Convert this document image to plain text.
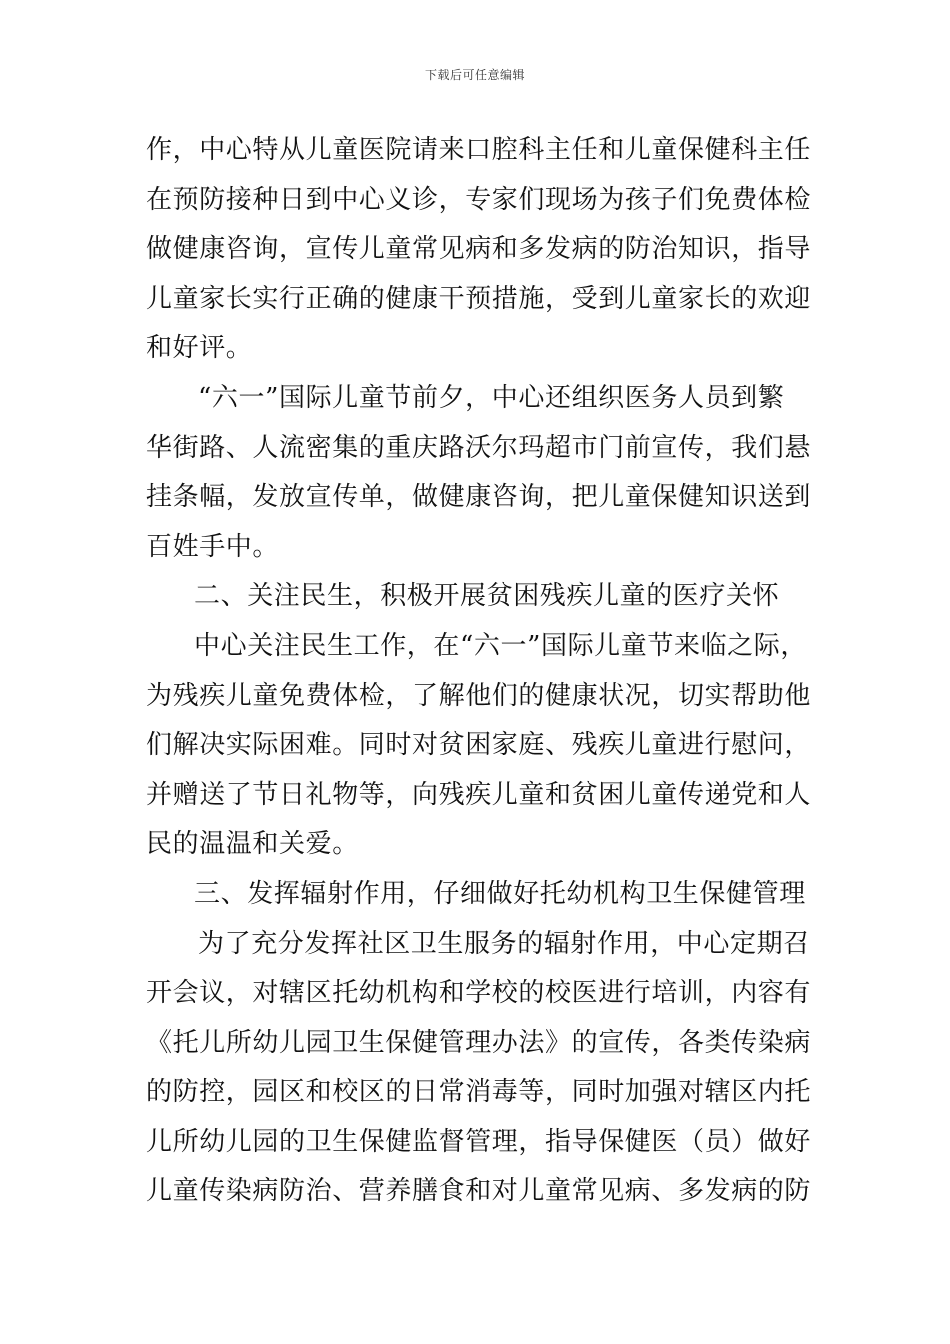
下载后可任意编辑
作，中心特从儿童医院请来口腔科主任和儿童保健科主任
在预防接种日到中心义诊，专家们现场为孩子们免费体检
做健康咨询，宣传儿童常见病和多发病的防治知识，指导
儿童家长实行正确的健康干预措施，受到儿童家长的欢迎
和好评。
“六一”国际儿童节前夕，中心还组织医务人员到繁
华街路、人流密集的重庆路沃尔玛超市门前宣传，我们悬
挂条幅，发放宣传单，做健康咨询，把儿童保健知识送到
百姓手中。
二、关注民生，积极开展贫困残疾儿童的医疗关怀
中心关注民生工作，在“六一”国际儿童节来临之际，
为残疾儿童免费体检，了解他们的健康状况，切实帮助他
们解决实际困难。同时对贫困家庭、残疾儿童进行慰问，
并赠送了节日礼物等，向残疾儿童和贫困儿童传递党和人
民的温温和关爱。
三、发挥辐射作用，仔细做好托幼机构卫生保健管理
为了充分发挥社区卫生服务的辐射作用，中心定期召
开会议，对辖区托幼机构和学校的校医进行培训，内容有
《托儿所幼儿园卫生保健管理办法》的宣传，各类传染病
的防控，园区和校区的日常消毒等，同时加强对辖区内托
儿所幼儿园的卫生保健监督管理，指导保健医（员）做好
儿童传染病防治、营养膳食和对儿童常见病、多发病的防
